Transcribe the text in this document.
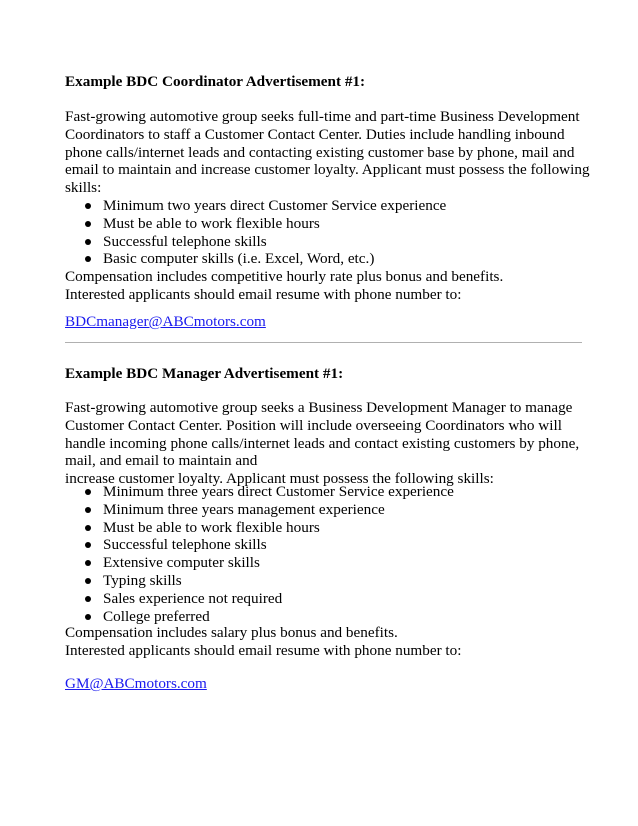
Example BDC Coordinator Advertisement #1:
Fast-growing automotive group seeks full-time and part-time Business Development
Coordinators to staff a Customer Contact Center. Duties include handling inbound
phone calls/internet leads and contacting existing customer base by phone, mail and
email to maintain and increase customer loyalty. Applicant must possess the following
skills:
Minimum two years direct Customer Service experience
Must be able to work flexible hours
Successful telephone skills
Basic computer skills (i.e. Excel, Word, etc.)
Compensation includes competitive hourly rate plus bonus and benefits.
Interested applicants should email resume with phone number to:
BDCmanager@ABCmotors.com
Example BDC Manager Advertisement #1:
Fast-growing automotive group seeks a Business Development Manager to manage
Customer Contact Center. Position will include overseeing Coordinators who will
handle incoming phone calls/internet leads and contact existing customers by phone,
mail, and email to maintain and
increase customer loyalty. Applicant must possess the following skills:
Minimum three years direct Customer Service experience
Minimum three years management experience
Must be able to work flexible hours
Successful telephone skills
Extensive computer skills
Typing skills
Sales experience not required
College preferred
Compensation includes salary plus bonus and benefits.
Interested applicants should email resume with phone number to:
GM@ABCmotors.com
